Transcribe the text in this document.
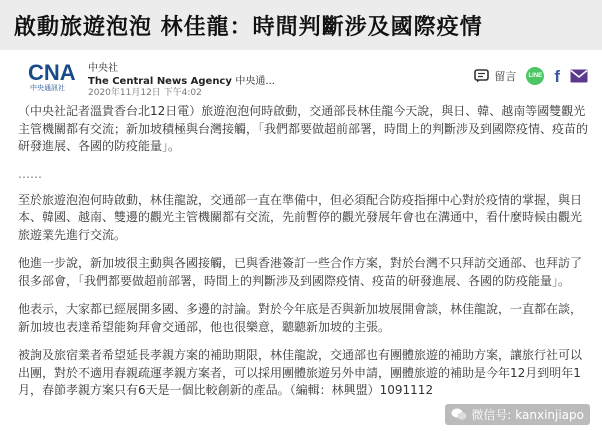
啟動旅遊泡泡 林佳龍：時間判斷涉及國際疫情
CNA
中央通訊社
中央社
The Central News Agency 中央通...
2020年11月12日 下午4:02
留言	LINE f

（中央社記者溫貴香台北12日電）旅遊泡泡何時啟動，交通部長林佳龍今天說，與日、韓、越南等國雙觀光主管機關都有交流；新加坡積極與台灣接觸，「我們都要做超前部署，時間上的判斷涉及到國際疫情、疫苗的研發進展、各國的防疫能量」。

……

至於旅遊泡泡何時啟動，林佳龍說，交通部一直在準備中，但必須配合防疫指揮中心對於疫情的掌握，與日本、韓國、越南、雙邊的觀光主管機關都有交流，先前暫停的觀光發展年會也在溝通中，看什麼時候由觀光旅遊業先進行交流。

他進一步說，新加坡很主動與各國接觸，已與香港簽訂一些合作方案，對於台灣不只拜訪交通部、也拜訪了很多部會，「我們都要做超前部署，時間上的判斷涉及到國際疫情、疫苗的研發進展、各國的防疫能量」。

他表示，大家都已經展開多國、多邊的討論。對於今年底是否與新加坡展開會談，林佳龍說，一直都在談，新加坡也表達希望能夠拜會交通部，他也很樂意，聽聽新加坡的主張。

被詢及旅宿業者希望延長孝親方案的補助期限，林佳龍說，交通部也有團體旅遊的補助方案，讓旅行社可以出團，對於不適用春親疏運孝親方案者，可以採用團體旅遊另外申請，團體旅遊的補助是今年12月到明年1月，春節孝親方案只有6天是一個比較創新的產品。（編輯：林興盟）1091112

微信号: kanxinjiapo
